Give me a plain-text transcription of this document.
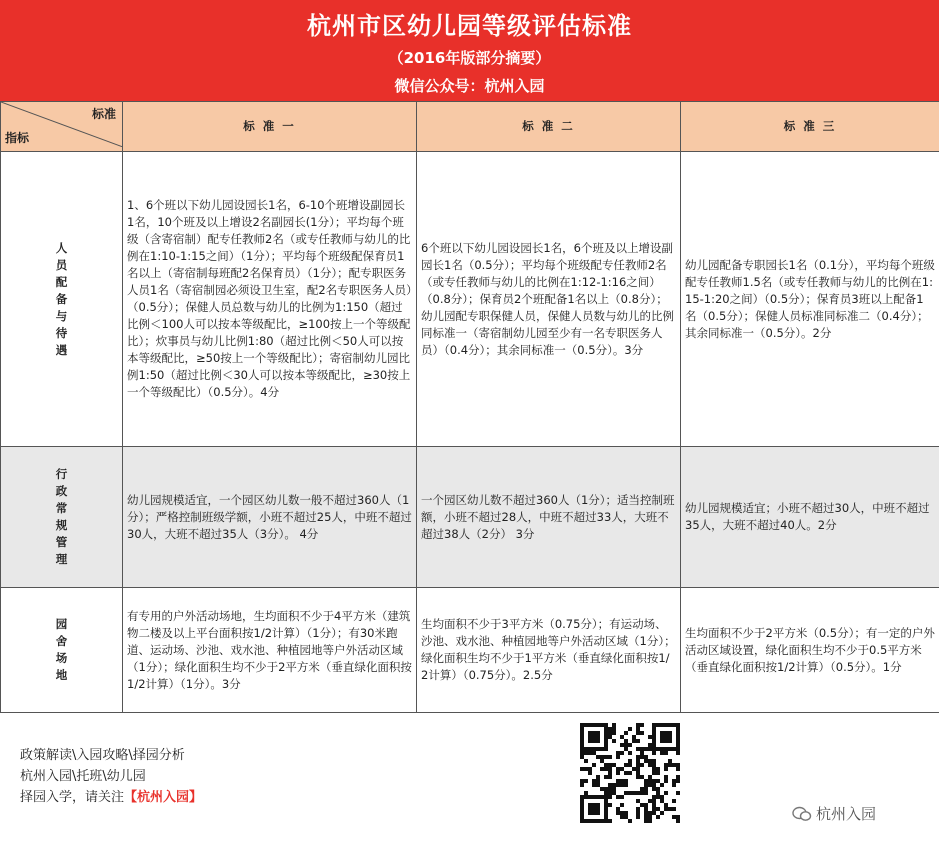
杭州市区幼儿园等级评估标准
（2016年版部分摘要）
微信公众号：杭州入园
标准
指标	标 准 一	标 准 二	标 准 三
人员配备与待遇	1、6个班以下幼儿园设园长1名，6-10个班增设副园长1名，10个班及以上增设2名副园长(1分）；平均每个班级（含寄宿制）配专任教师2名（或专任教师与幼儿的比例在1:10-1:15之间）（1分）；平均每个班级配保育员1名以上（寄宿制每班配2名保育员）（1分）；配专职医务人员1名（寄宿制园必须设卫生室，配2名专职医务人员）（0.5分）；保健人员总数与幼儿的比例为1:150（超过比例＜100人可以按本等级配比，≥100按上一个等级配比）；炊事员与幼儿比例1:80（超过比例＜50人可以按本等级配比，≥50按上一个等级配比）；寄宿制幼儿园比例1:50（超过比例＜30人可以按本等级配比，≥30按上一个等级配比）（0.5分）。4分	6个班以下幼儿园设园长1名，6个班及以上增设副园长1名（0.5分）；平均每个班级配专任教师2名（或专任教师与幼儿的比例在1:12-1:16之间）（0.8分）；保育员2个班配备1名以上（0.8分）；幼儿园配专职保健人员，保健人员数与幼儿的比例同标准一（寄宿制幼儿园至少有一名专职医务人员）（0.4分）；其余同标准一（0.5分）。3分	幼儿园配备专职园长1名（0.1分），平均每个班级配专任教师1.5名（或专任教师与幼儿的比例在1:15-1:20之间）（0.5分）；保育员3班以上配备1名（0.5分）；保健人员标准同标准二（0.4分）；其余同标准一（0.5分）。2分
行政常规管理	幼儿园规模适宜，一个园区幼儿数一般不超过360人（1分）；严格控制班级学额，小班不超过25人，中班不超过30人，大班不超过35人（3分）。 4分	一个园区幼儿数不超过360人（1分）；适当控制班额，小班不超过28人，中班不超过33人，大班不超过38人（2分） 3分	幼儿园规模适宜；小班不超过30人，中班不超过35人，大班不超过40人。2分
园舍场地	有专用的户外活动场地，生均面积不少于4平方米（建筑物二楼及以上平台面积按1/2计算）（1分）；有30米跑道、运动场、沙池、戏水池、种植园地等户外活动区域（1分）；绿化面积生均不少于2平方米（垂直绿化面积按1/2计算）（1分）。3分	生均面积不少于3平方米（0.75分）；有运动场、沙池、戏水池、种植园地等户外活动区域（1分）；绿化面积生均不少于1平方米（垂直绿化面积按1/2计算）（0.75分）。2.5分	生均面积不少于2平方米（0.5分）；有一定的户外活动区域设置，绿化面积生均不少于0.5平方米（垂直绿化面积按1/2计算）（0.5分）。1分
政策解读\入园攻略\择园分析
杭州入园\托班\幼儿园
择园入学，请关注【杭州入园】
杭州入园
